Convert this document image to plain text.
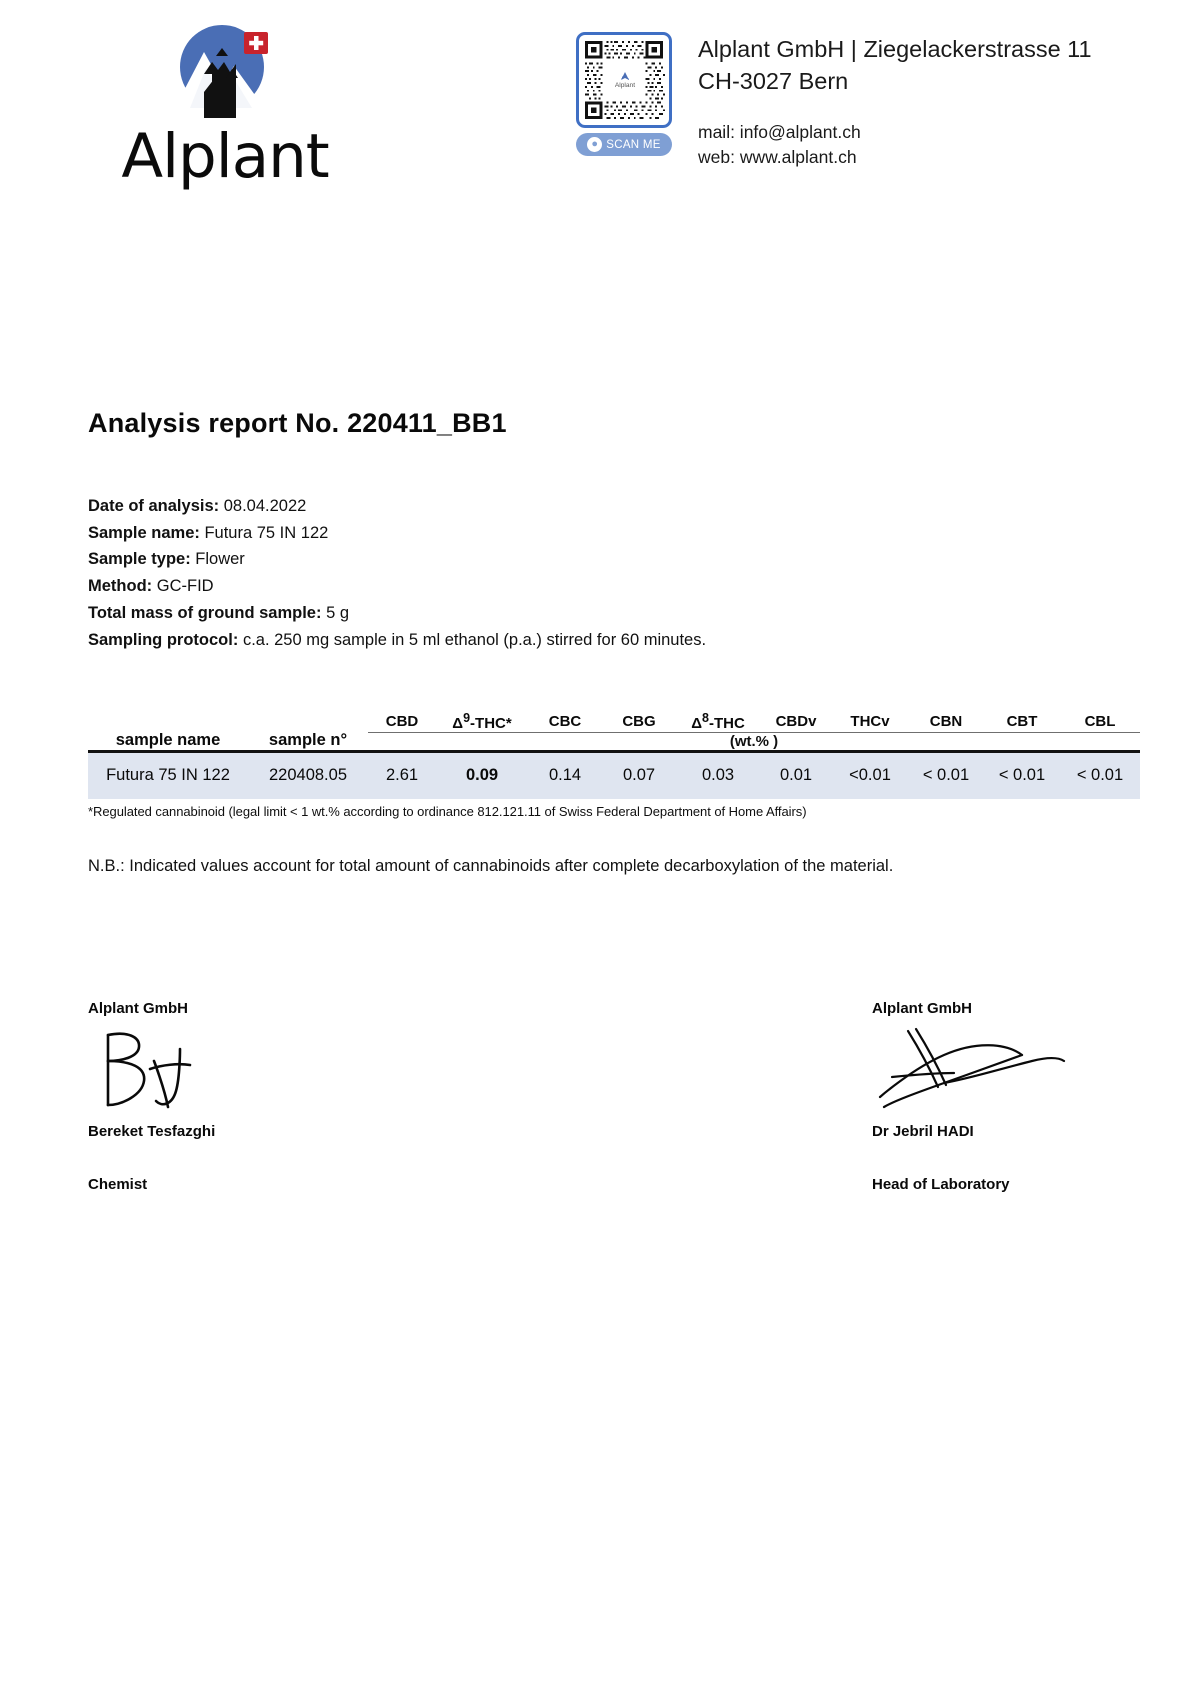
Alplant
Alplant
● SCAN ME
Alplant GmbH | Ziegelackerstrasse 11
CH-3027 Bern
mail: info@alplant.ch
web: www.alplant.ch
Analysis report No. 220411_BB1
Date of analysis: 08.04.2022
Sample name: Futura 75 IN 122
Sample type: Flower
Method: GC-FID
Total mass of ground sample: 5 g
Sampling protocol: c.a. 250 mg sample in 5 ml ethanol (p.a.) stirred for 60 minutes.
sample name	sample n°	CBD	$\Delta^9-THC*$	CBC	CBG	$\Delta^8$-THC	CBDv	THCv	CBN	CBT	CBL
		(wt.% )									
Futura 75 IN 122	220408.05	2.61	0.09	0.14	0.07	0.03	0.01	<0.01	< 0.01	< 0.01	< 0.01
*Regulated cannabinoid (legal limit < 1 wt.% according to ordinance 812.121.11 of Swiss Federal Department of Home Affairs)
N.B.: Indicated values account for total amount of cannabinoids after complete decarboxylation of the material.
Alplant GmbH
Bereket Tesfazghi
Chemist
Alplant GmbH
Dr Jebril HADI
Head of Laboratory
